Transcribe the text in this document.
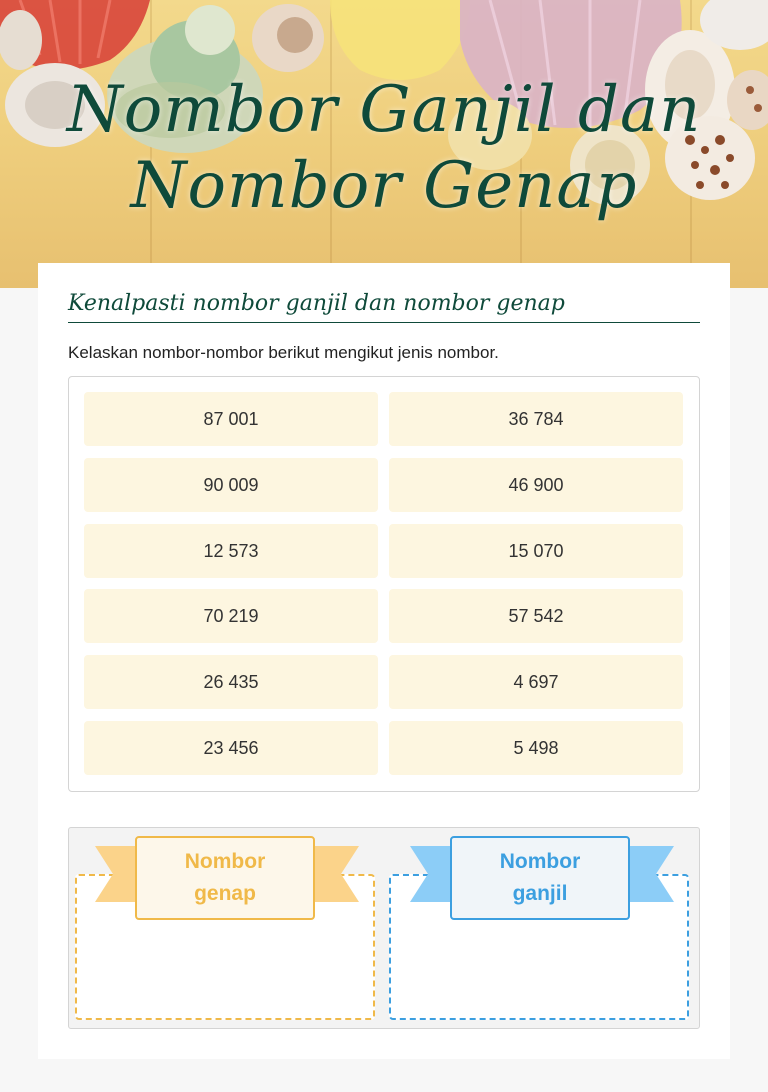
Nombor Ganjil dan
Nombor Genap
Kenalpasti nombor ganjil dan nombor genap
Kelaskan nombor-nombor berikut mengikut jenis nombor.
87 001	36 784
90 009	46 900
12 573	15 070
70 219	57 542
26 435	4 697
23 456	5 498
Nombor
genap
Nombor
ganjil
